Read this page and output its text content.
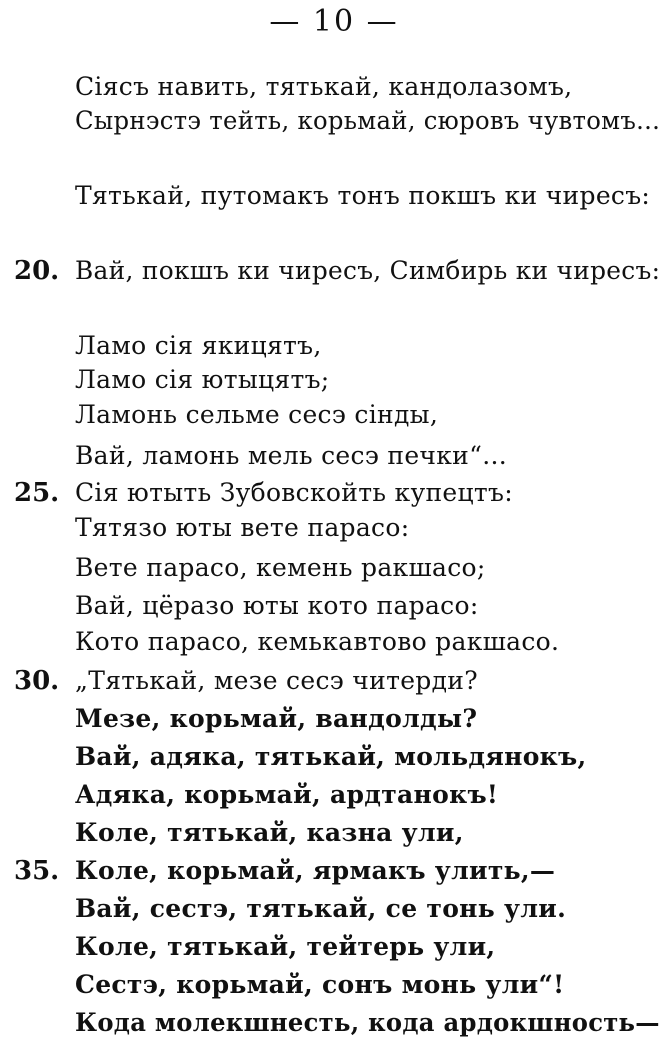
— 10 —
Сіясъ навить, тятькай, кандолазомъ,
Сырнэстэ тейть, корьмай, сюровъ чувтомъ...
Тятькай, путомакъ тонъ покшъ ки чиресъ:
20. Вай, покшъ ки чиресъ, Симбирь ки чиресъ:
Ламо сія якицятъ,
Ламо сія ютыцятъ;
Ламонь сельме сесэ сінды,
Вай, ламонь мель сесэ печки“...
25. Сія ютыть Зубовскойть купецтъ:
Тятязо юты вете парасо:
Вете парасо, кемень ракшасо;
Вай, цёразо юты кото парасо:
Кото парасо, кемькавтово ракшасо.
30. „Тятькай, мезе сесэ читерди?
Мезе, корьмай, вандолды?
Вай, адяка, тятькай, мольдянокъ,
Адяка, корьмай, ардтанокъ!
Коле, тятькай, казна ули,
35. Коле, корьмай, ярмакъ улить,—
Вай, сестэ, тятькай, се тонь ули.
Коле, тятькай, тейтерь ули,
Сестэ, корьмай, сонъ монь ули“!
Кода молекшнесть, кода ардокшность—
